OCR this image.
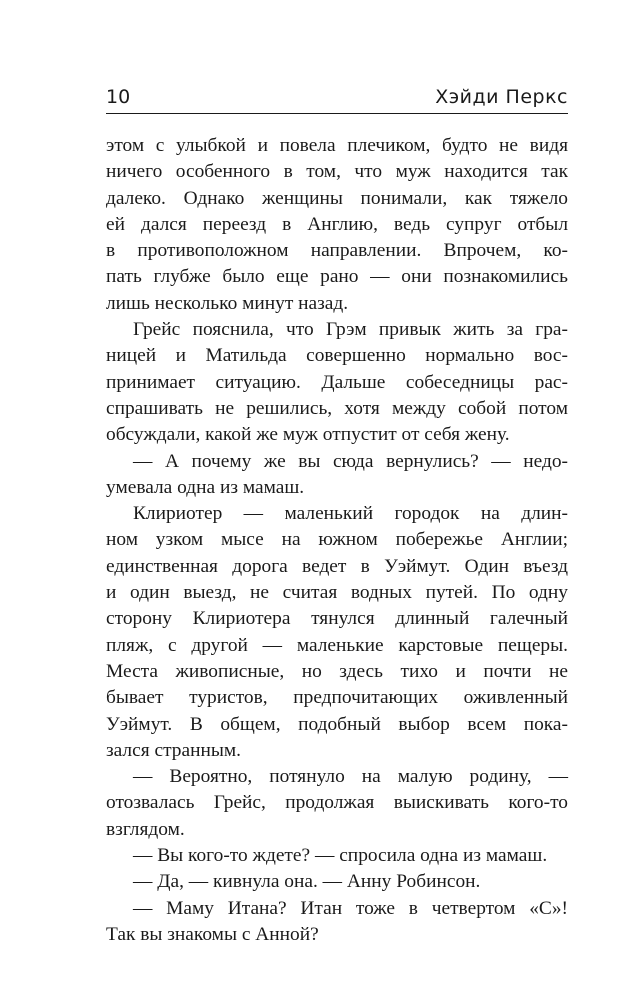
10	Хэйди Перкс
этом с улыбкой и повела плечиком, будто не видя
ничего особенного в том, что муж находится так
далеко. Однако женщины понимали, как тяжело
ей дался переезд в Англию, ведь супруг отбыл
в противоположном направлении. Впрочем, ко-
пать глубже было еще рано — они познакомились
лишь несколько минут назад.
Грейс пояснила, что Грэм привык жить за гра-
ницей и Матильда совершенно нормально вос-
принимает ситуацию. Дальше собеседницы рас-
спрашивать не решились, хотя между собой потом
обсуждали, какой же муж отпустит от себя жену.
— А почему же вы сюда вернулись? — недо-
умевала одна из мамаш.
Клириотер — маленький городок на длин-
ном узком мысе на южном побережье Англии;
единственная дорога ведет в Уэймут. Один въезд
и один выезд, не считая водных путей. По одну
сторону Клириотера тянулся длинный галечный
пляж, с другой — маленькие карстовые пещеры.
Места живописные, но здесь тихо и почти не
бывает туристов, предпочитающих оживленный
Уэймут. В общем, подобный выбор всем пока-
зался странным.
— Вероятно, потянуло на малую родину, —
отозвалась Грейс, продолжая выискивать кого-то
взглядом.
— Вы кого-то ждете? — спросила одна из мамаш.
— Да, — кивнула она. — Анну Робинсон.
— Маму Итана? Итан тоже в четвертом «С»!
Так вы знакомы с Анной?
